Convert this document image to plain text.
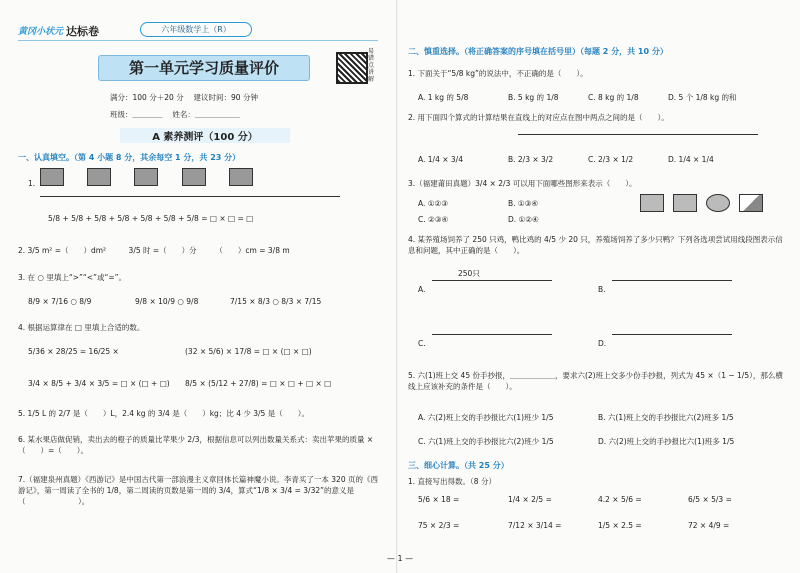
黄冈小状元 达标卷	六年级数学上（R）
第一单元学习质量评价
易错点讲解
满分：100 分＋20 分　 建议时间：90 分钟
班级：＿＿＿＿　 姓名：＿＿＿＿＿＿
A 素养测评（100 分）
一、认真填空。（第 4 小题 8 分，其余每空 1 分，共 23 分）
1.
5/8 + 5/8 + 5/8 + 5/8 + 5/8 + 5/8 + 5/8 = □ × □ = □
2. 3/5 m² =（　　）dm²　　　3/5 时 =（　　）分　　　（　　）cm = 3/8 m
3. 在 ○ 里填上“>”“<”或“=”。
8/9 × 7/16 ○ 8/9	9/8 × 10/9 ○ 9/8	7/15 × 8/3 ○ 8/3 × 7/15
4. 根据运算律在 □ 里填上合适的数。
5/36 × 28/25 = 16/25 ×	(32 × 5/6) × 17/8 = □ × (□ × □)
3/4 × 8/5 + 3/4 × 3/5 = □ × (□ + □) 8/5 × (5/12 + 27/8) = □ × □ + □ × □
5. 1/5 L 的 2/7 是（　　）L，2.4 kg 的 3/4 是（　　）kg；比 4 少 3/5 是（　　）。
6. 某水果店做促销，卖出去的橙子的质量比苹果少 2/3，根据信息可以列出数量关系式：卖出苹果的质量 ×（　　）=（　　）。
7.（福建泉州真题）《西游记》是中国古代第一部浪漫主义章回体长篇神魔小说。李青买了一本 320 页的《西游记》，第一周读了全书的 1/8，第二周读的页数是第一周的 3/4，算式“1/8 × 3/4 = 3/32”的意义是（　　　　　　　）。
二、慎重选择。（将正确答案的序号填在括号里）（每题 2 分，共 10 分）
1. 下面关于“5/8 kg”的说法中，不正确的是（　　）。
A. 1 kg 的 5/8	B. 5 kg 的 1/8	C. 8 kg 的 1/8	D. 5 个 1/8 kg 的和
2. 用下面四个算式的计算结果在直线上的对应点在图中两点之间的是（　　）。
A. 1/4 × 3/4	B. 2/3 × 3/2	C. 2/3 × 1/2	D. 1/4 × 1/4
3.（福建莆田真题）3/4 × 2/3 可以用下面哪些图形来表示（　　）。
A. ①②③	B. ①③④
C. ②③④	D. ①②④

4. 某养殖场饲养了 250 只鸡，鸭比鸡的 4/5 少 20 只，养殖场饲养了多少只鸭？下列各选项尝试用线段图表示信息和问题，其中正确的是（　　）。
A.	B.
C.	D.
250只
5. 六(1)班上交 45 份手抄报，＿＿＿＿＿＿，要求六(2)班上交多少份手抄报，列式为 45 ×（1 − 1/5），那么横线上应该补充的条件是（　　）。
A. 六(2)班上交的手抄报比六(1)班少 1/5	B. 六(1)班上交的手抄报比六(2)班多 1/5
C. 六(1)班上交的手抄报比六(2)班少 1/5	D. 六(2)班上交的手抄报比六(1)班多 1/5
三、细心计算。（共 25 分）
1. 直接写出得数。（8 分）
5/6 × 18 =	1/4 × 2/5 =	4.2 × 5/6 =	6/5 × 5/3 =
75 × 2/3 =	7/12 × 3/14 =	1/5 × 2.5 =	72 × 4/9 =
— 1 —
